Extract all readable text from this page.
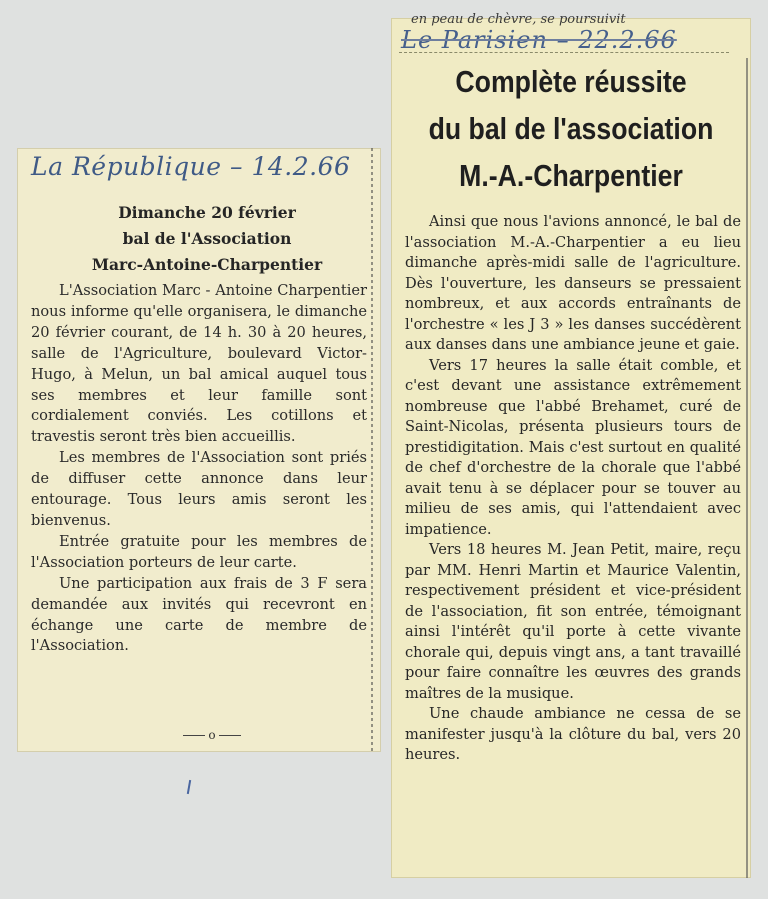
La République – 14.2.66
Dimanche 20 février
bal de l'Association
Marc-Antoine-Charpentier

L'Association Marc - Antoine Charpentier nous informe qu'elle organisera, le dimanche 20 février courant, de 14 h. 30 à 20 heures, salle de l'Agriculture, boulevard Victor-Hugo, à Melun, un bal amical auquel tous ses membres et leur famille sont cordialement conviés. Les cotillons et travestis seront très bien accueillis.

Les membres de l'Association sont priés de diffuser cette annonce dans leur entourage. Tous leurs amis seront les bienvenus.

Entrée gratuite pour les membres de l'Association porteurs de leur carte.

Une participation aux frais de 3 F sera demandée aux invités qui recevront en échange une carte de membre de l'Association.

o
en peau de chèvre, se poursuivit
Le Parisien – 22.2.66
Complète réussite
du bal de l'association
M.-A.-Charpentier

Ainsi que nous l'avions annoncé, le bal de l'association M.-A.-Charpentier a eu lieu dimanche après-midi salle de l'agriculture. Dès l'ouverture, les danseurs se pressaient nombreux, et aux accords entraînants de l'orchestre « les J 3 » les danses succédèrent aux danses dans une ambiance jeune et gaie.

Vers 17 heures la salle était comble, et c'est devant une assistance extrêmement nombreuse que l'abbé Brehamet, curé de Saint-Nicolas, présenta plusieurs tours de prestidigitation. Mais c'est surtout en qualité de chef d'orchestre de la chorale que l'abbé avait tenu à se déplacer pour se touver au milieu de ses amis, qui l'attendaient avec impatience.

Vers 18 heures M. Jean Petit, maire, reçu par MM. Henri Martin et Maurice Valentin, respectivement président et vice-président de l'association, fit son entrée, témoignant ainsi l'intérêt qu'il porte à cette vivante chorale qui, depuis vingt ans, a tant travaillé pour faire connaître les œuvres des grands maîtres de la musique.

Une chaude ambiance ne cessa de se manifester jusqu'à la clôture du bal, vers 20 heures.
